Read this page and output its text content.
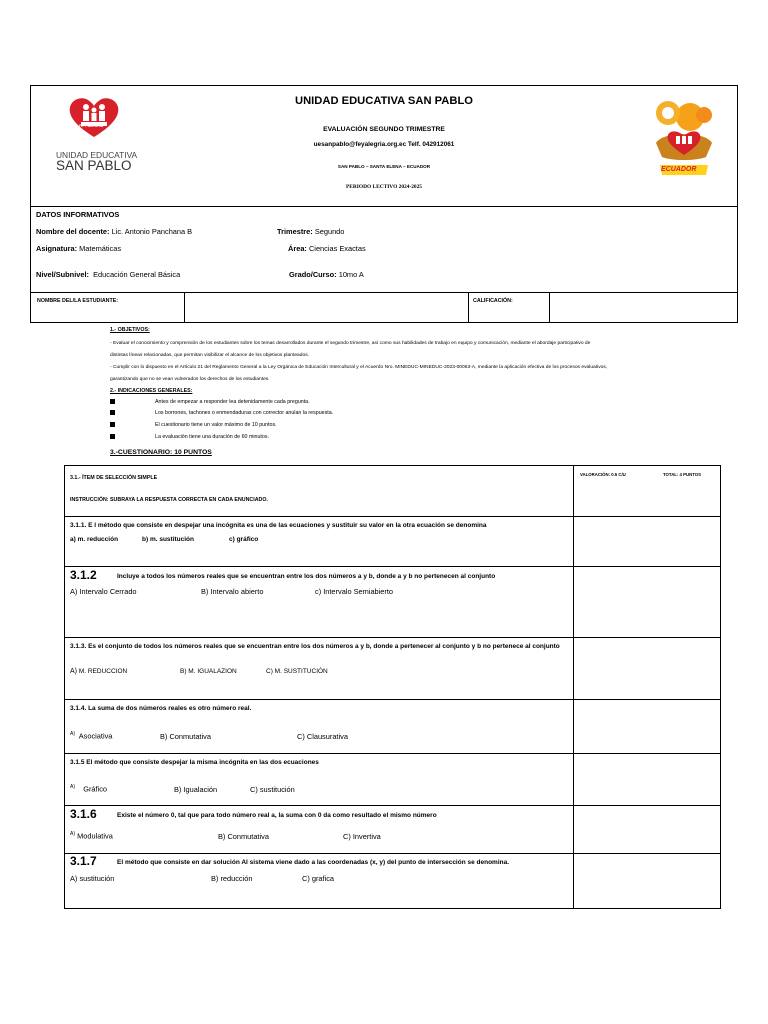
FE Y ALEGRIA
UNIDAD EDUCATIVA
SAN PABLO	ECUADOR
UNIDAD EDUCATIVA SAN PABLO
EVALUACIÓN SEGUNDO TRIMESTRE
uesanpablo@feyalegria.org.ec Telf. 042912061
SAN PABLO – SANTA ELENA – ECUADOR
PERIODO LECTIVO 2024-2025
DATOS INFORMATIVOS
Nombre del docente: Lic. Antonio Panchana B	Trimestre: Segundo
Asignatura: Matemáticas	Área: Ciencias Exactas
Nivel/Subnivel: Educación General Básica	Grado/Curso: 10mo A
NOMBRE DEL/LA ESTUDIANTE:	CALIFICACIÓN:
1.- OBJETIVOS:
- Evaluar el conocimiento y comprensión de los estudiantes sobre los temas desarrollados durante el segundo trimestre, así como sus habilidades de trabajo en equipo y comunicación, mediante el abordaje participativo de
distintas líneas relacionadas, que permitan visibilizar el alcance de los objetivos planteados.
- Cumplir con lo dispuesto en el Artículo 21 del Reglamento General a la Ley Orgánica de Educación Intercultural y el Acuerdo Nro. MINEDUC-MINEDUC-2023-00063-A, mediante la aplicación efectiva de los procesos evaluativos,
garantizando que no se vean vulnerados los derechos de los estudiantes.
2.- INDICACIONES GENERALES:
Antes de empezar a responder lea detenidamente cada pregunta.
Los borrones, tachones o enmendaduras con corrector anulan la respuesta.
El cuestionario tiene un valor máximo de 10 puntos.
La evaluación tiene una duración de 60 minutos.
3.-CUESTIONARIO: 10 PUNTOS
3.1.- ÍTEM DE SELECCIÓN SIMPLE
INSTRUCCIÓN: SUBRAYA LA RESPUESTA CORRECTA EN CADA ENUNCIADO.
VALORACIÓN: 0.5 C/U	TOTAL: 4 PUNTOS
3.1.1. E l método que consiste en despejar una incógnita es una de las ecuaciones y sustituir su valor en la otra ecuación se denomina
a) m. reducción	b) m. sustitución	c) gráfico
3.1.2	Incluye a todos los números reales que se encuentran entre los dos números a y b, donde a y b no pertenecen al conjunto
A) Intervalo Cerrado	B) Intervalo abierto	c) Intervalo Semiabierto
3.1.3. Es el conjunto de todos los números reales que se encuentran entre los dos números a y b, donde a pertenecer al conjunto y b no pertenece al conjunto
A) M. REDUCCION	B) M. IGUALAZION	C) M. SUSTITUCIÓN
3.1.4. La suma de dos números reales es otro número real.
$^{A)}$ Asociativa	B) Conmutativa	C) Clausurativa
3.1.5 El método que consiste despejar la misma incógnita en las dos ecuaciones
$^{A)}$ Gráfico	B) Igualación	C) sustitución
3.1.6	Existe el número 0, tal que para todo número real a, la suma con 0 da como resultado el mismo número
$^{A)}$ Modulativa	B) Conmutativa	C) Invertiva
3.1.7	El método que consiste en dar solución Al sistema viene dado a las coordenadas (x, y) del punto de intersección se denomina.
A) sustitución	B) reducción	C) grafica
